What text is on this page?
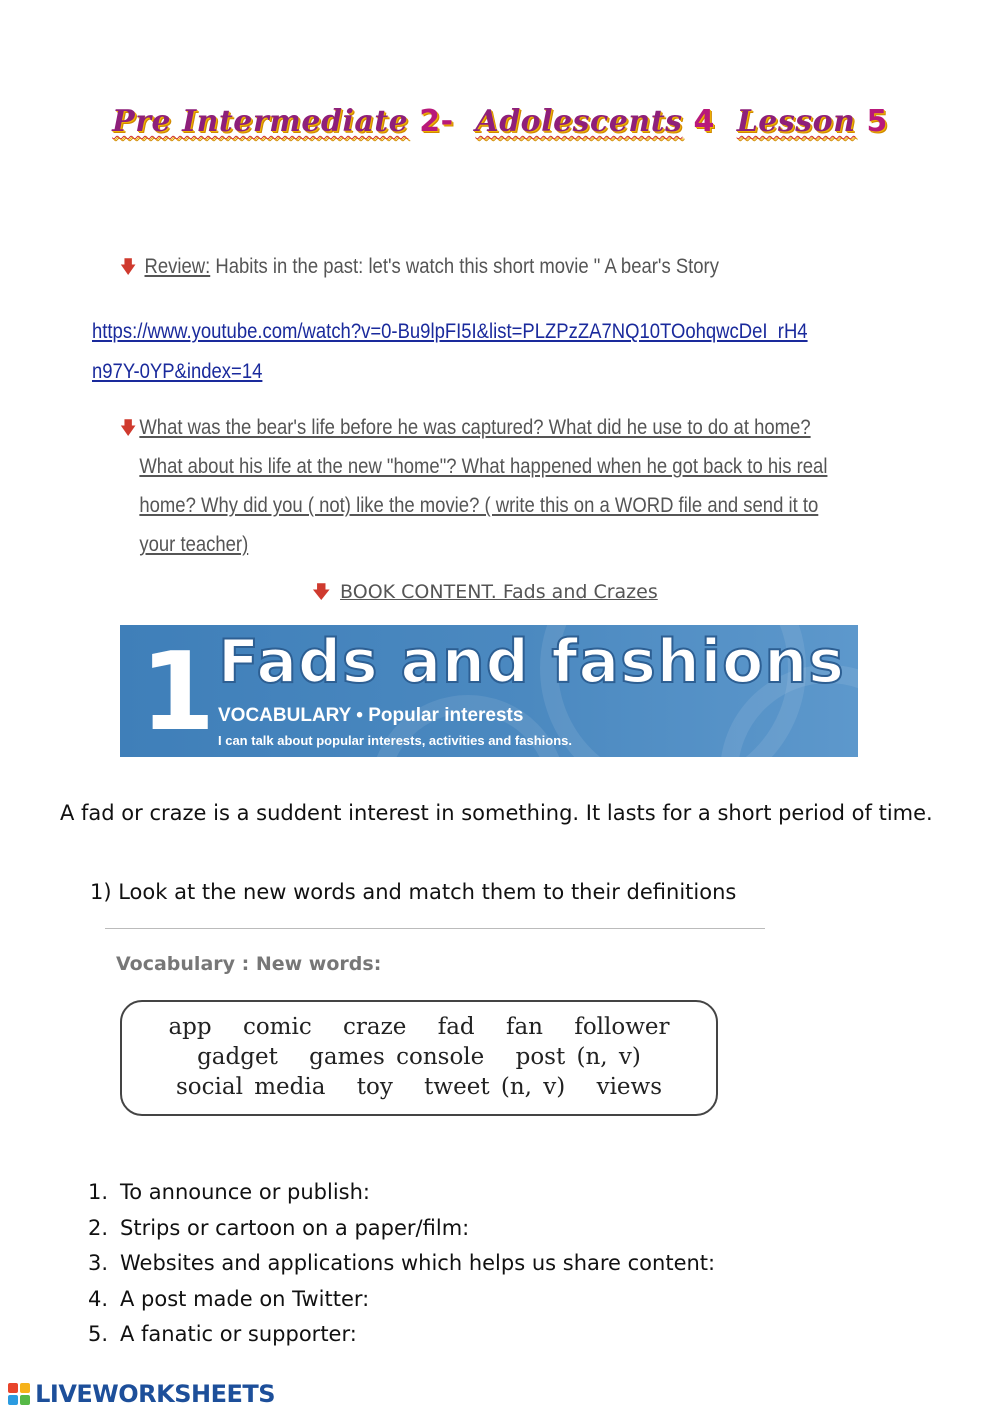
Pre Intermediate 2- Adolescents 4 Lesson 5
🡇 Review: Habits in the past: let's watch this short movie " A bear's Story
https://www.youtube.com/watch?v=0-Bu9lpFI5I&list=PLZPzZA7NQ10TOohqwcDeI_rH4n97Y-0YP&index=14
🡇 What was the bear's life before he was captured? What did he use to do at home? What about his life at the new "home"? What happened when he got back to his real home? Why did you ( not) like the movie? ( write this on a WORD file and send it to your teacher)
🡇 BOOK CONTENT. Fads and Crazes
1 Fads and fashions
VOCABULARY • Popular interests
I can talk about popular interests, activities and fashions.
A fad or craze is a suddent interest in something. It lasts for a short period of time.
1) Look at the new words and match them to their definitions
Vocabulary : New words:
app comic craze fad fan follower
gadget games console post (n, v)
social media toy tweet (n, v) views
1. To announce or publish:
2. Strips or cartoon on a paper/film:
3. Websites and applications which helps us share content:
4. A post made on Twitter:
5. A fanatic or supporter:
LIVEWORKSHEETS
